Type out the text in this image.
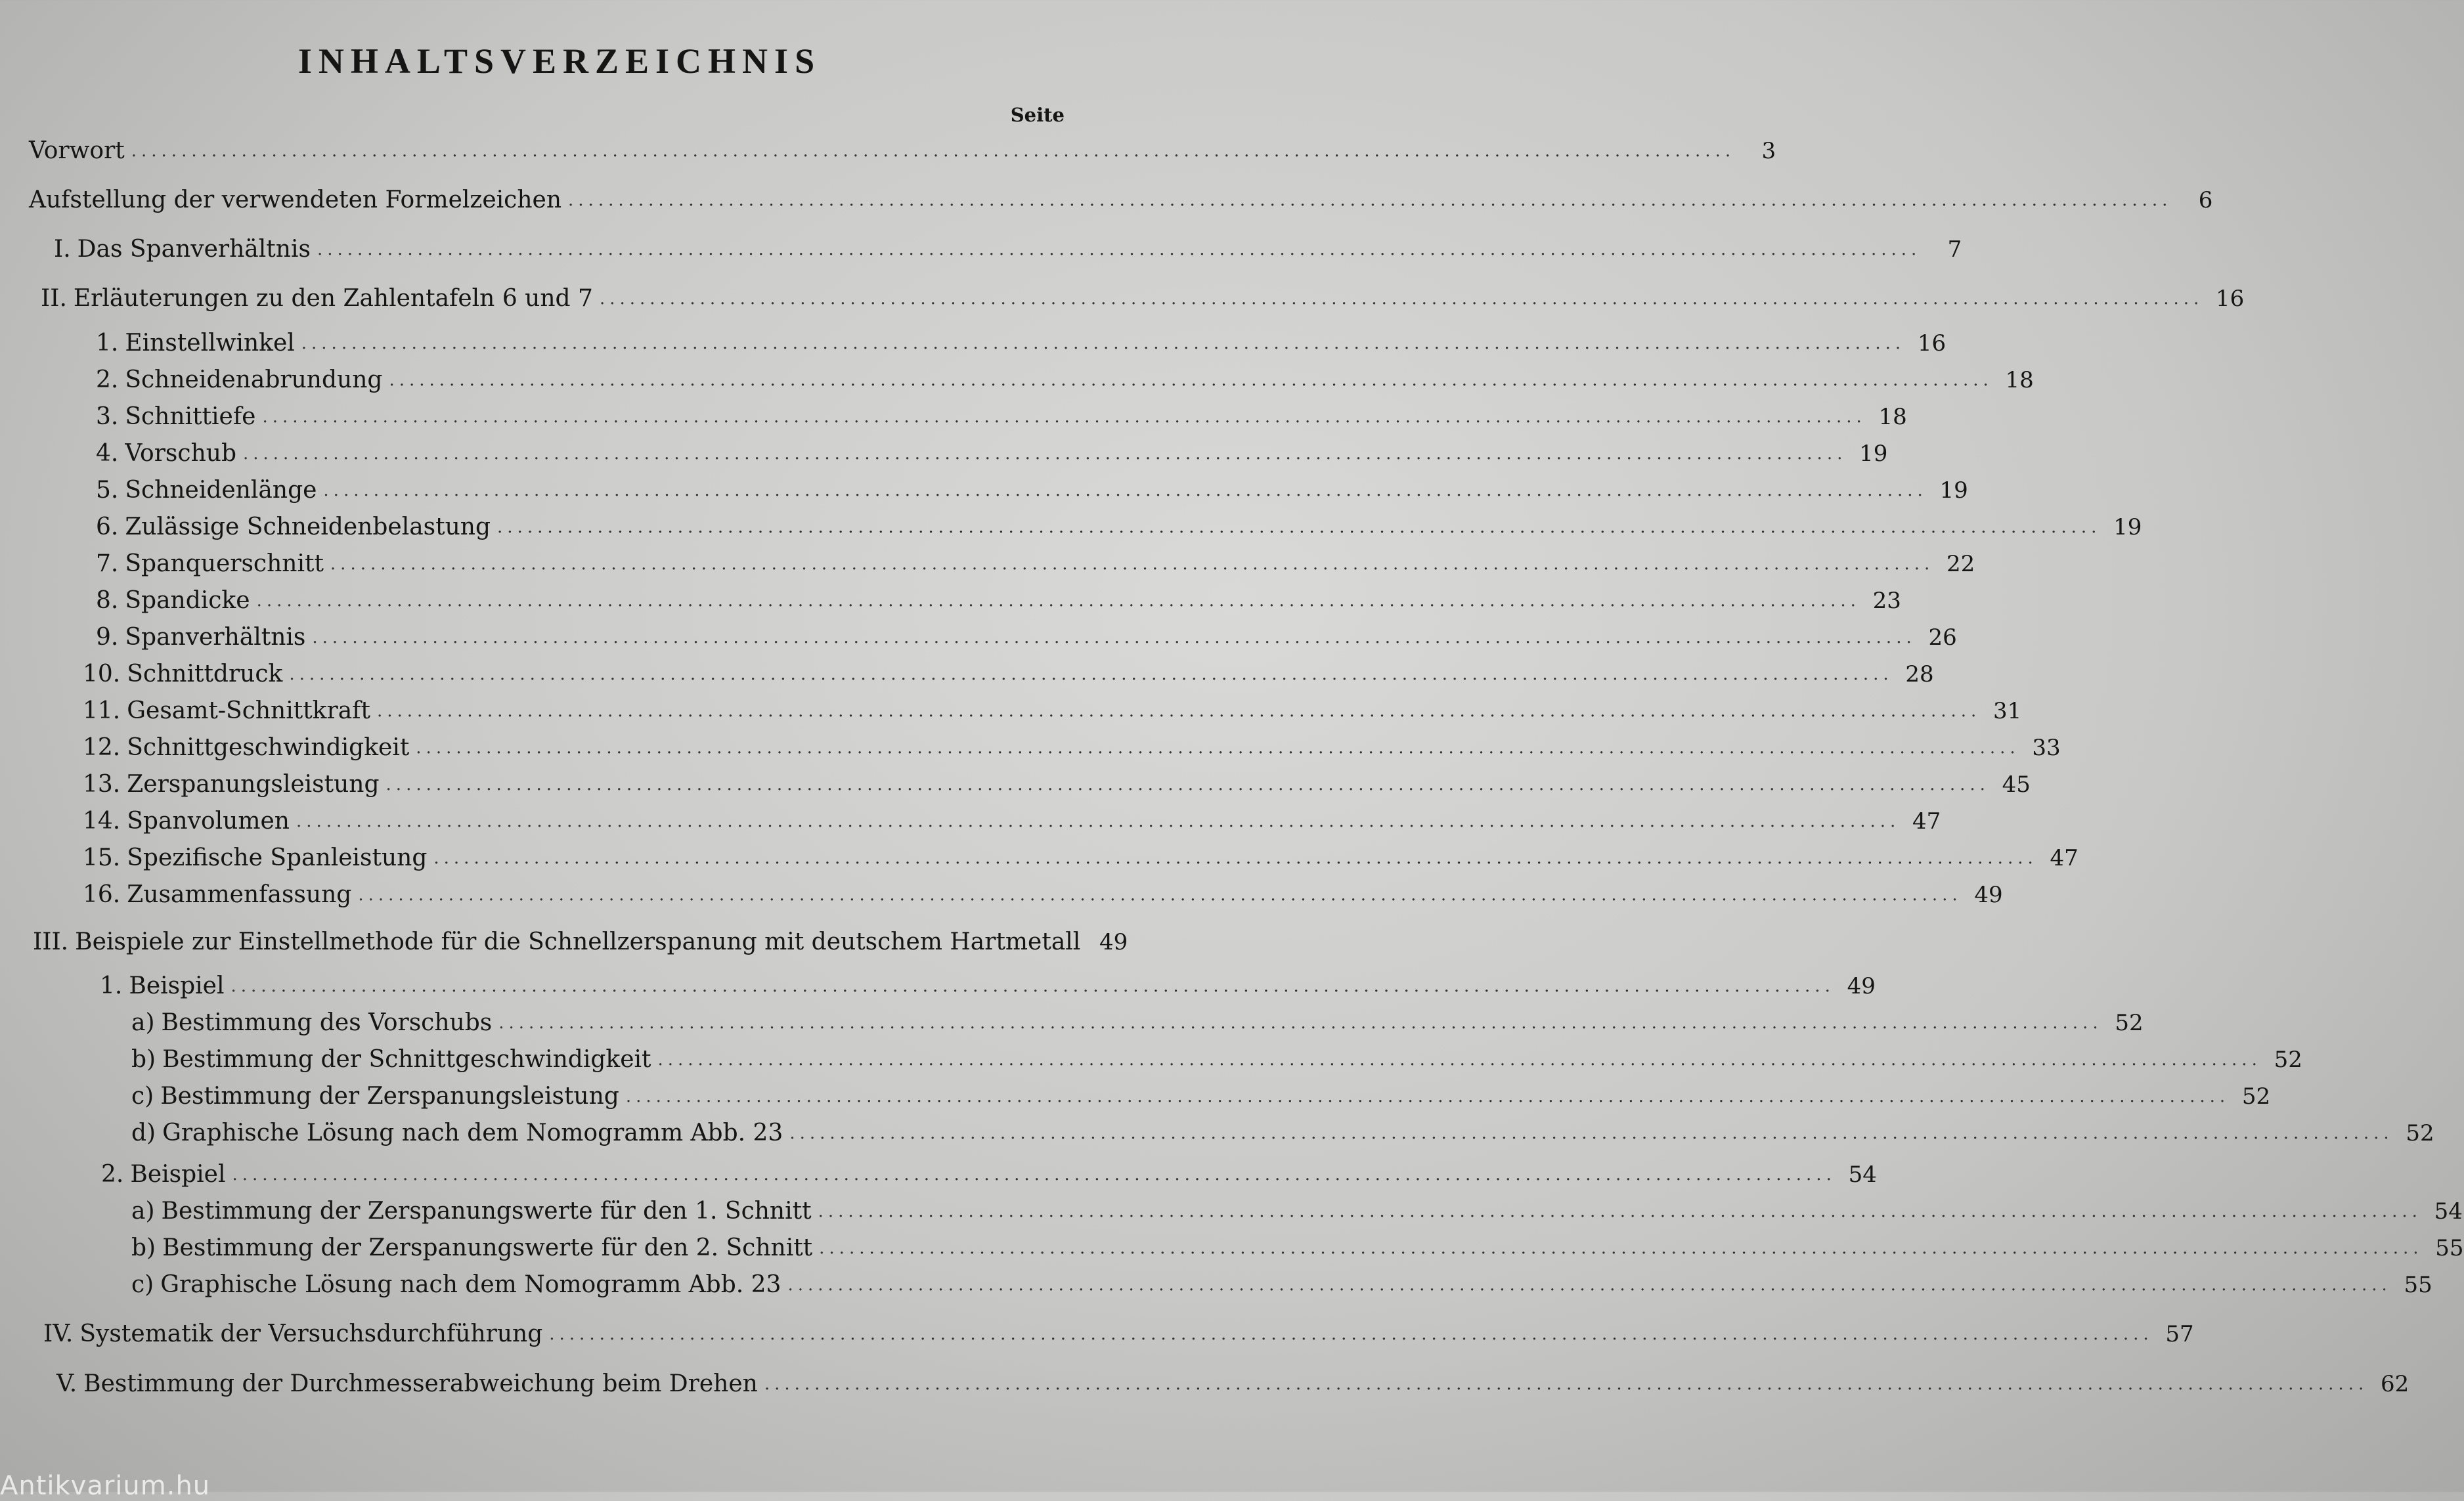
INHALTSVERZEICHNIS
Seite
Vorwort ................................................................................................................................................................	3
Aufstellung der verwendeten Formelzeichen ................................................................................................................................................................	6
I. Das Spanverhältnis ................................................................................................................................................................	7
II. Erläuterungen zu den Zahlentafeln 6 und 7 ................................................................................................................................................................ 16
1. Einstellwinkel ................................................................................................................................................................ 16
2. Schneidenabrundung ................................................................................................................................................................ 18
3. Schnittiefe ................................................................................................................................................................ 18
4. Vorschub ................................................................................................................................................................ 19
5. Schneidenlänge ................................................................................................................................................................ 19
6. Zulässige Schneidenbelastung ................................................................................................................................................................ 19
7. Spanquerschnitt ................................................................................................................................................................ 22
8. Spandicke ................................................................................................................................................................ 23
9. Spanverhältnis ................................................................................................................................................................ 26
10. Schnittdruck ................................................................................................................................................................ 28
11. Gesamt-Schnittkraft ................................................................................................................................................................ 31
12. Schnittgeschwindigkeit ................................................................................................................................................................ 33
13. Zerspanungsleistung ................................................................................................................................................................ 45
14. Spanvolumen ................................................................................................................................................................ 47
15. Spezifische Spanleistung ................................................................................................................................................................ 47
16. Zusammenfassung ................................................................................................................................................................ 49
III. Beispiele zur Einstellmethode für die Schnellzerspanung mit deutschem Hartmetall 49
1. Beispiel ................................................................................................................................................................ 49
a) Bestimmung des Vorschubs ................................................................................................................................................................ 52
b) Bestimmung der Schnittgeschwindigkeit ................................................................................................................................................................ 52
c) Bestimmung der Zerspanungsleistung ................................................................................................................................................................ 52
d) Graphische Lösung nach dem Nomogramm Abb. 23 ................................................................................................................................................................ 52
2. Beispiel ................................................................................................................................................................ 54
a) Bestimmung der Zerspanungswerte für den 1. Schnitt ................................................................................................................................................................ 54
b) Bestimmung der Zerspanungswerte für den 2. Schnitt ................................................................................................................................................................ 55
c) Graphische Lösung nach dem Nomogramm Abb. 23 ................................................................................................................................................................ 55
IV. Systematik der Versuchsdurchführung ................................................................................................................................................................ 57
V. Bestimmung der Durchmesserabweichung beim Drehen ................................................................................................................................................................ 62
Antikvarium.hu
